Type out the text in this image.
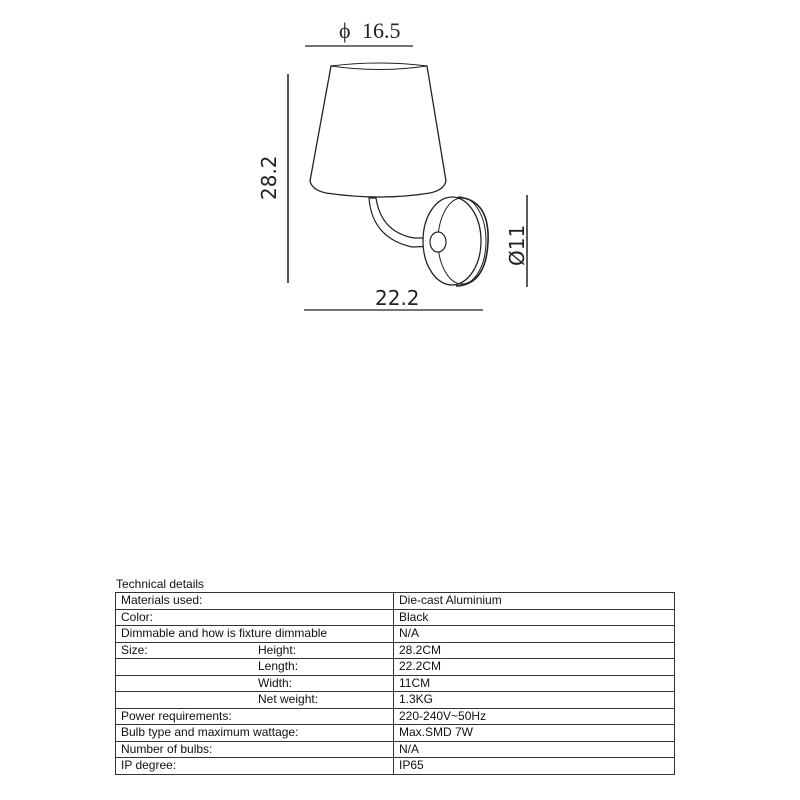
ϕ 16.5
28.2
Ø11
22.2

Technical details

Materials used:	Die-cast Aluminium

Color:	Black

Dimmable and how is fixture dimmable	N/A

Size: Height:	28.2CM

Length:	22.2CM

Width:	11CM

Net weight:	1.3KG

Power requirements:	220-240V~50Hz

Bulb type and maximum wattage:	Max.SMD 7W

Number of bulbs:	N/A

IP degree:	IP65
